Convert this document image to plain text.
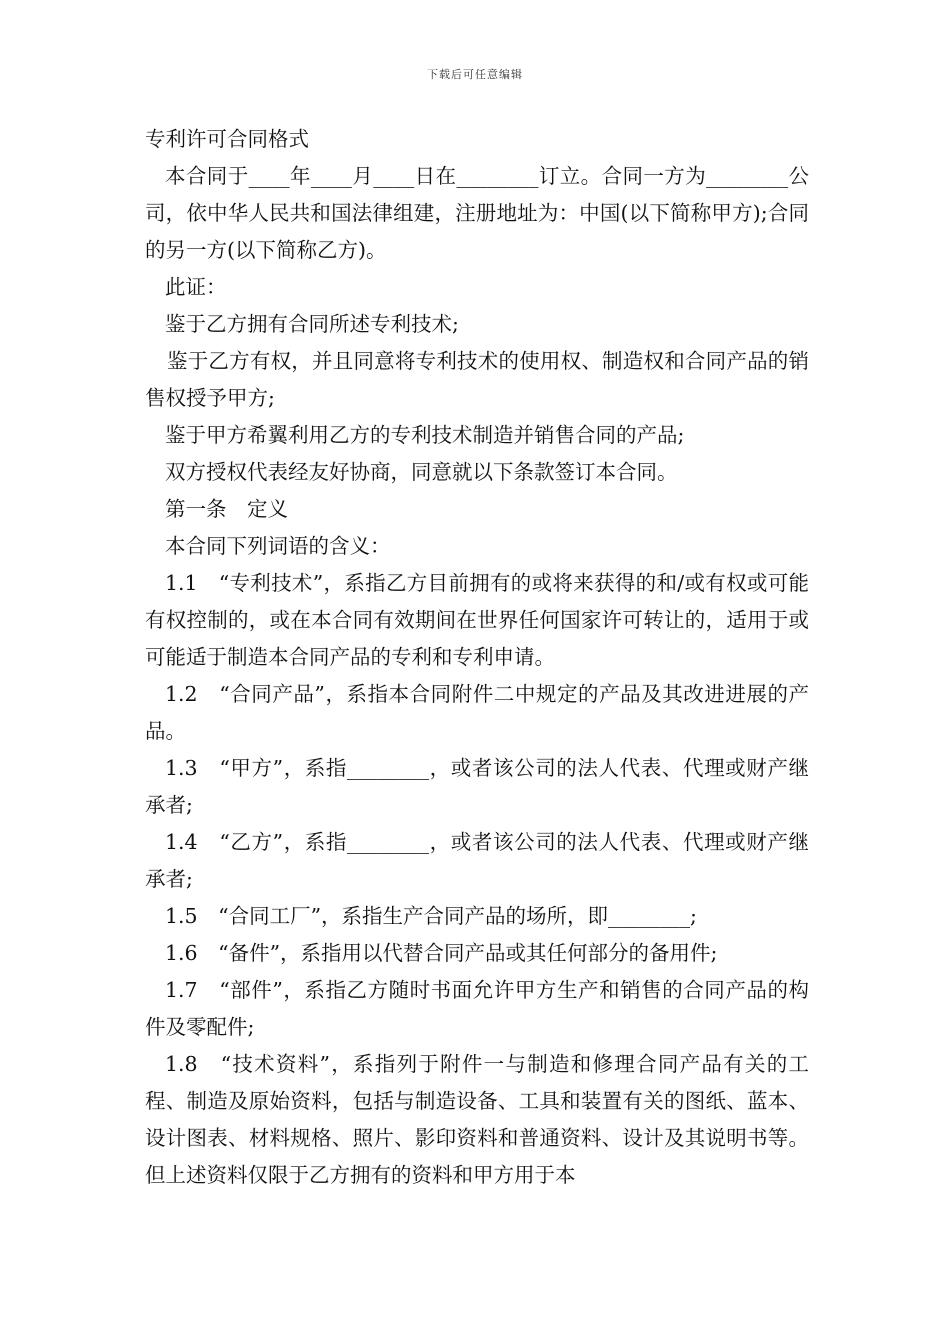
下载后可任意编辑

专利许可合同格式

本合同于____年____月____日在________订立。合同一方为________公司，依中华人民共和国法律组建，注册地址为：中国(以下简称甲方);合同的另一方(以下简称乙方)。

此证：

鉴于乙方拥有合同所述专利技术;

鉴于乙方有权，并且同意将专利技术的使用权、制造权和合同产品的销售权授予甲方;

鉴于甲方希翼利用乙方的专利技术制造并销售合同的产品;

双方授权代表经友好协商，同意就以下条款签订本合同。

第一条　定义

本合同下列词语的含义：

1.1　“专利技术”，系指乙方目前拥有的或将来获得的和/或有权或可能有权控制的，或在本合同有效期间在世界任何国家许可转让的，适用于或可能适于制造本合同产品的专利和专利申请。

1.2　“合同产品”，系指本合同附件二中规定的产品及其改进进展的产品。

1.3　“甲方”，系指________，或者该公司的法人代表、代理或财产继承者;

1.4　“乙方”，系指________，或者该公司的法人代表、代理或财产继承者;

1.5　“合同工厂”，系指生产合同产品的场所，即________;

1.6　“备件”，系指用以代替合同产品或其任何部分的备用件;

1.7　“部件”，系指乙方随时书面允许甲方生产和销售的合同产品的构件及零配件;

1.8　“技术资料”，系指列于附件一与制造和修理合同产品有关的工程、制造及原始资料，包括与制造设备、工具和装置有关的图纸、蓝本、设计图表、材料规格、照片、影印资料和普通资料、设计及其说明书等。但上述资料仅限于乙方拥有的资料和甲方用于本
